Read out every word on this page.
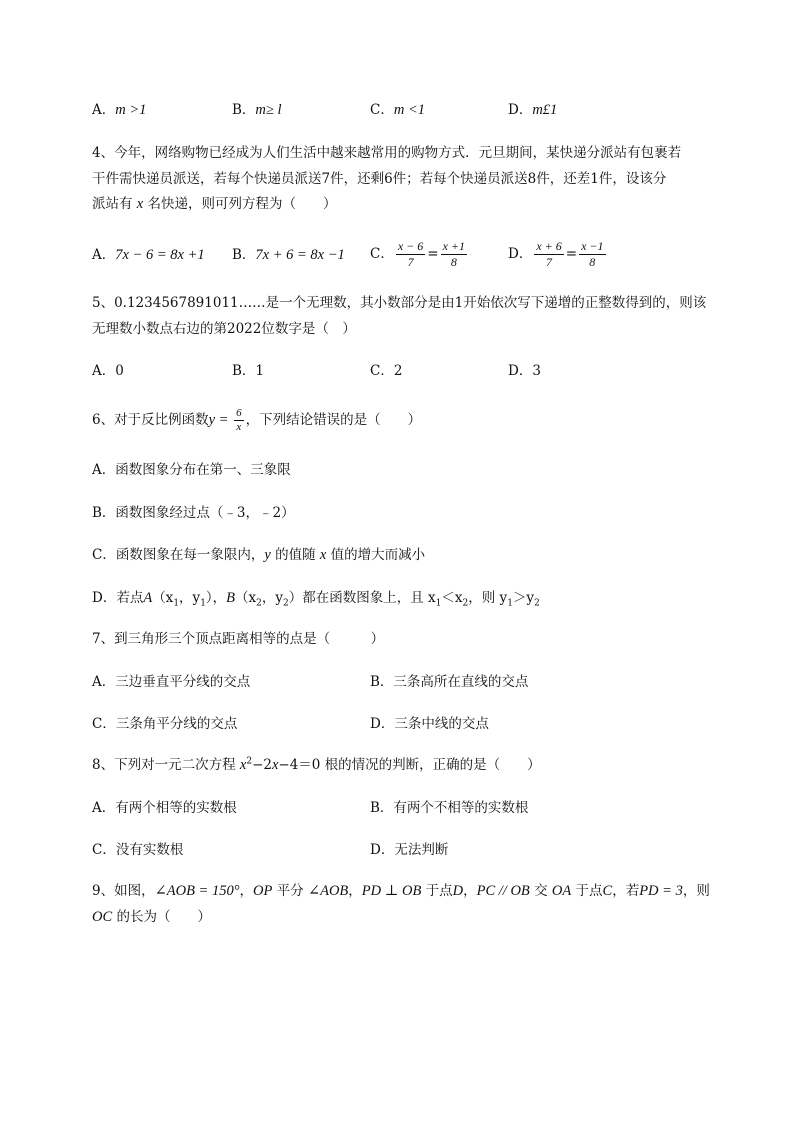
A．m >1	B．m≥ l	C．m <1	D．m£1
4、今年，网络购物已经成为人们生活中越来越常用的购物方式．元旦期间，某快递分派站有包裹若
干件需快递员派送，若每个快递员派送7件，还剩6件；若每个快递员派送8件，还差1件，设该分
派站有 x 名快递，则可列方程为（　　）
A．7x − 6 = 8x +1 B．7x + 6 = 8x −1 C． $\frac{x - 6}{7} = \frac{x +1}{8}$	D． $\frac{x + 6}{7} = \frac{x -1}{8}$
5、0.1234567891011……是一个无理数，其小数部分是由1开始依次写下递增的正整数得到的，则该
无理数小数点右边的第2022位数字是（　）
A．0	B．1	C．2	D．3
6、对于反比例函数$y = \frac{6}{x}$ ，下列结论错误的是（　　）
A．函数图象分布在第一、三象限
B．函数图象经过点（﹣3，﹣2）
C．函数图象在每一象限内，y 的值随 x 值的增大而减小
D．若点$A(x_1$，$y_1$），$B(x_2$，$y_2$）都在函数图象上，且 $x_1<x_2$，则 $y_1>y_2$
7、到三角形三个顶点距离相等的点是（　　　）
A．三边垂直平分线的交点	B．三条高所在直线的交点
C．三条角平分线的交点	D．三条中线的交点
8、下列对一元二次方程 $x^2-2x-4=0$ 根的情况的判断，正确的是（　　）
A．有两个相等的实数根	B．有两个不相等的实数根
C．没有实数根	D．无法判断
9、如图，∠AOB = 150°，OP 平分 ∠AOB，PD ⊥ OB 于点D，PC // OB 交 OA 于点C，若PD = 3，则
OC 的长为（　　）
